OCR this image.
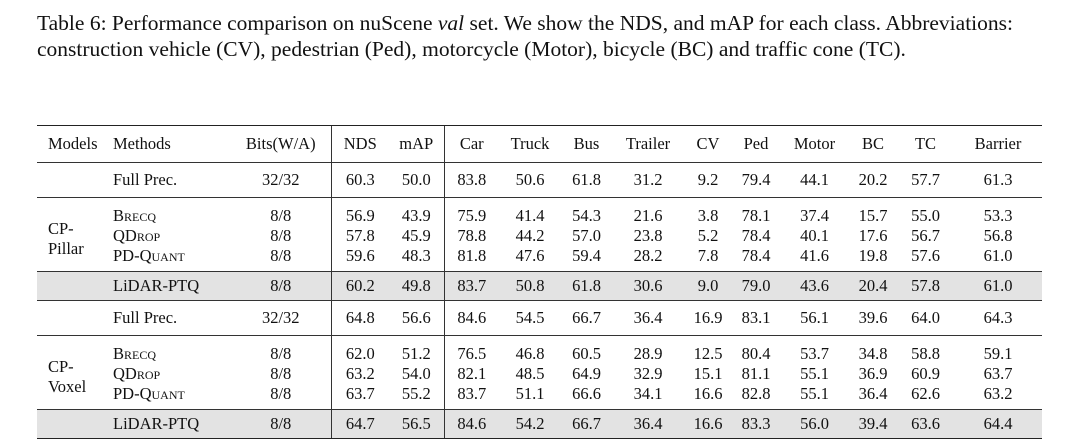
Table 6: Performance comparison on nuScene val set. We show the NDS, and mAP for each class. Abbreviations: construction vehicle (CV), pedestrian (Ped), motorcycle (Motor), bicycle (BC) and traffic cone (TC).
Models	Methods	Bits(W/A)	NDS	mAP	Car	Truck	Bus	Trailer	CV	Ped	Motor	BC	TC	Barrier
	Full Prec.	32/32	60.3	50.0	83.8	50.6	61.8	31.2	9.2	79.4	44.1	20.2	57.7	61.3

CP-
Pillar	Brecq	8/8	56.9	43.9	75.9	41.4	54.3	21.6	3.8	78.1	37.4	15.7	55.0	53.3
	QDrop	8/8	57.8	45.9	78.8	44.2	57.0	23.8	5.2	78.4	40.1	17.6	56.7	56.8
	PD-Quant	8/8	59.6	48.3	81.8	47.6	59.4	28.2	7.8	78.4	41.6	19.8	57.6	61.0
	LiDAR-PTQ	8/8	60.2	49.8	83.7	50.8	61.8	30.6	9.0	79.0	43.6	20.4	57.8	61.0
	Full Prec.	32/32	64.8	56.6	84.6	54.5	66.7	36.4	16.9	83.1	56.1	39.6	64.0	64.3

CP-
Voxel	Brecq	8/8	62.0	51.2	76.5	46.8	60.5	28.9	12.5	80.4	53.7	34.8	58.8	59.1
	QDrop	8/8	63.2	54.0	82.1	48.5	64.9	32.9	15.1	81.1	55.1	36.9	60.9	63.7
	PD-Quant	8/8	63.7	55.2	83.7	51.1	66.6	34.1	16.6	82.8	55.1	36.4	62.6	63.2
	LiDAR-PTQ	8/8	64.7	56.5	84.6	54.2	66.7	36.4	16.6	83.3	56.0	39.4	63.6	64.4
